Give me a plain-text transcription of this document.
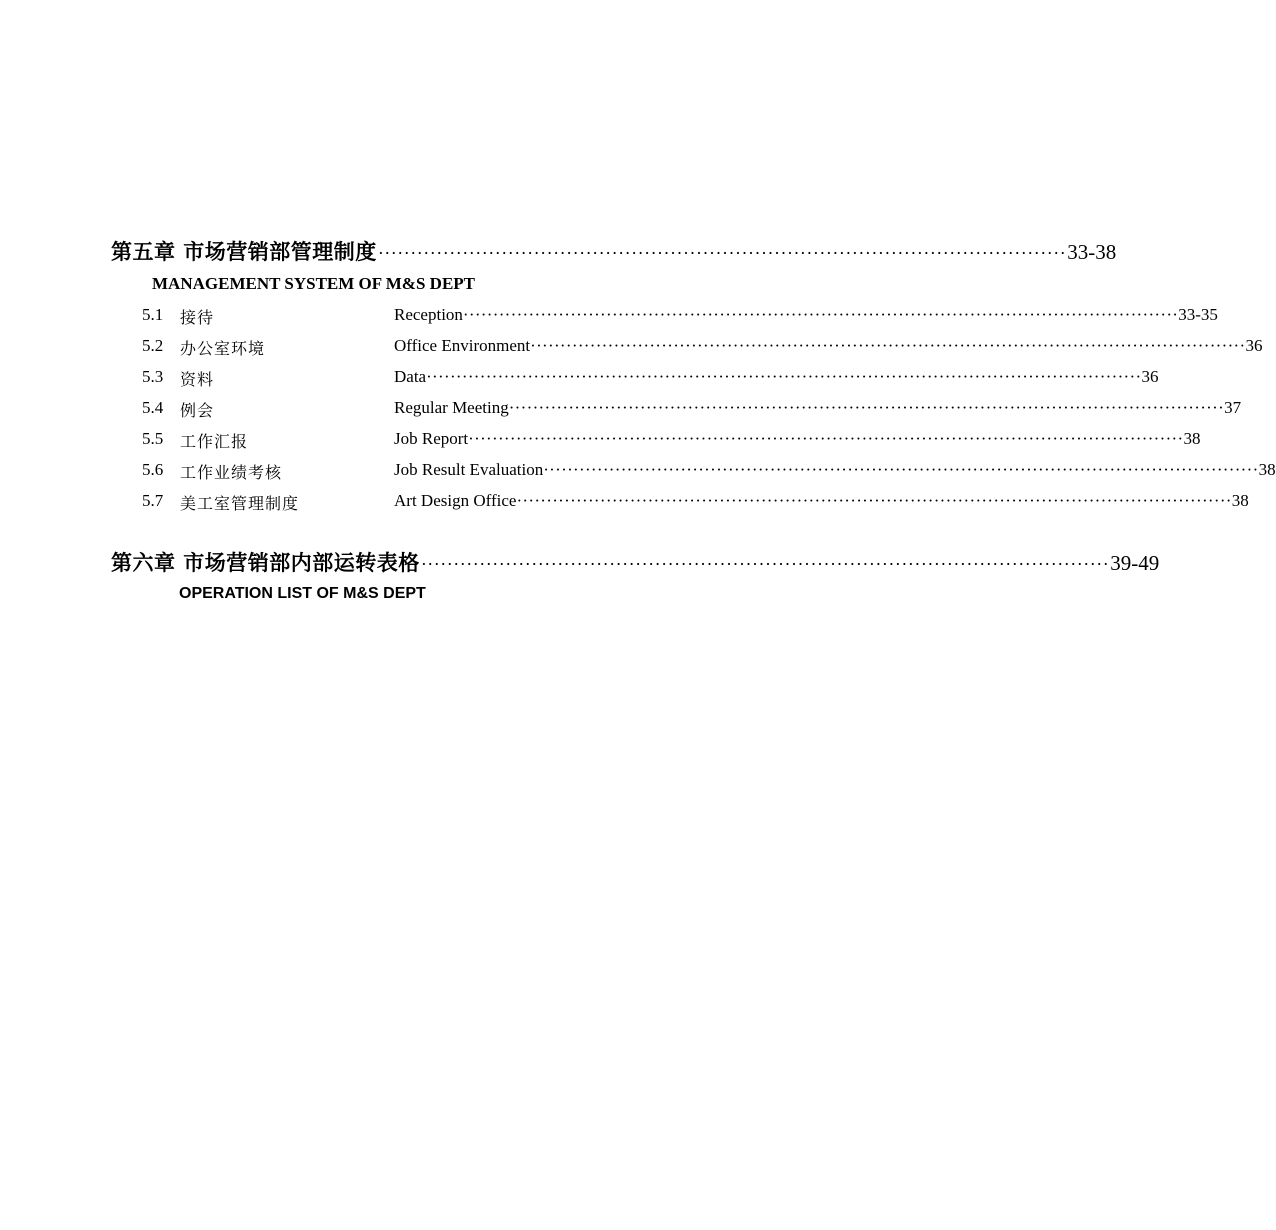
第五章 市场营销部管理制度 ·········································································································· 33-38
MANAGEMENT SYSTEM OF M&S DEPT
5.1 接待	Reception ························································································································ 33-35
5.2 办公室环境	Office Environment ························································································································ 36
5.3 资料	Data ························································································································ 36
5.4 例会	Regular Meeting ························································································································ 37
5.5 工作汇报	Job Report ························································································································ 38
5.6 工作业绩考核	Job Result Evaluation ························································································································ 38
5.7 美工室管理制度	Art Design Office ························································································································ 38
第六章 市场营销部内部运转表格 ·········································································································· 39-49
OPERATION LIST OF M&S DEPT
